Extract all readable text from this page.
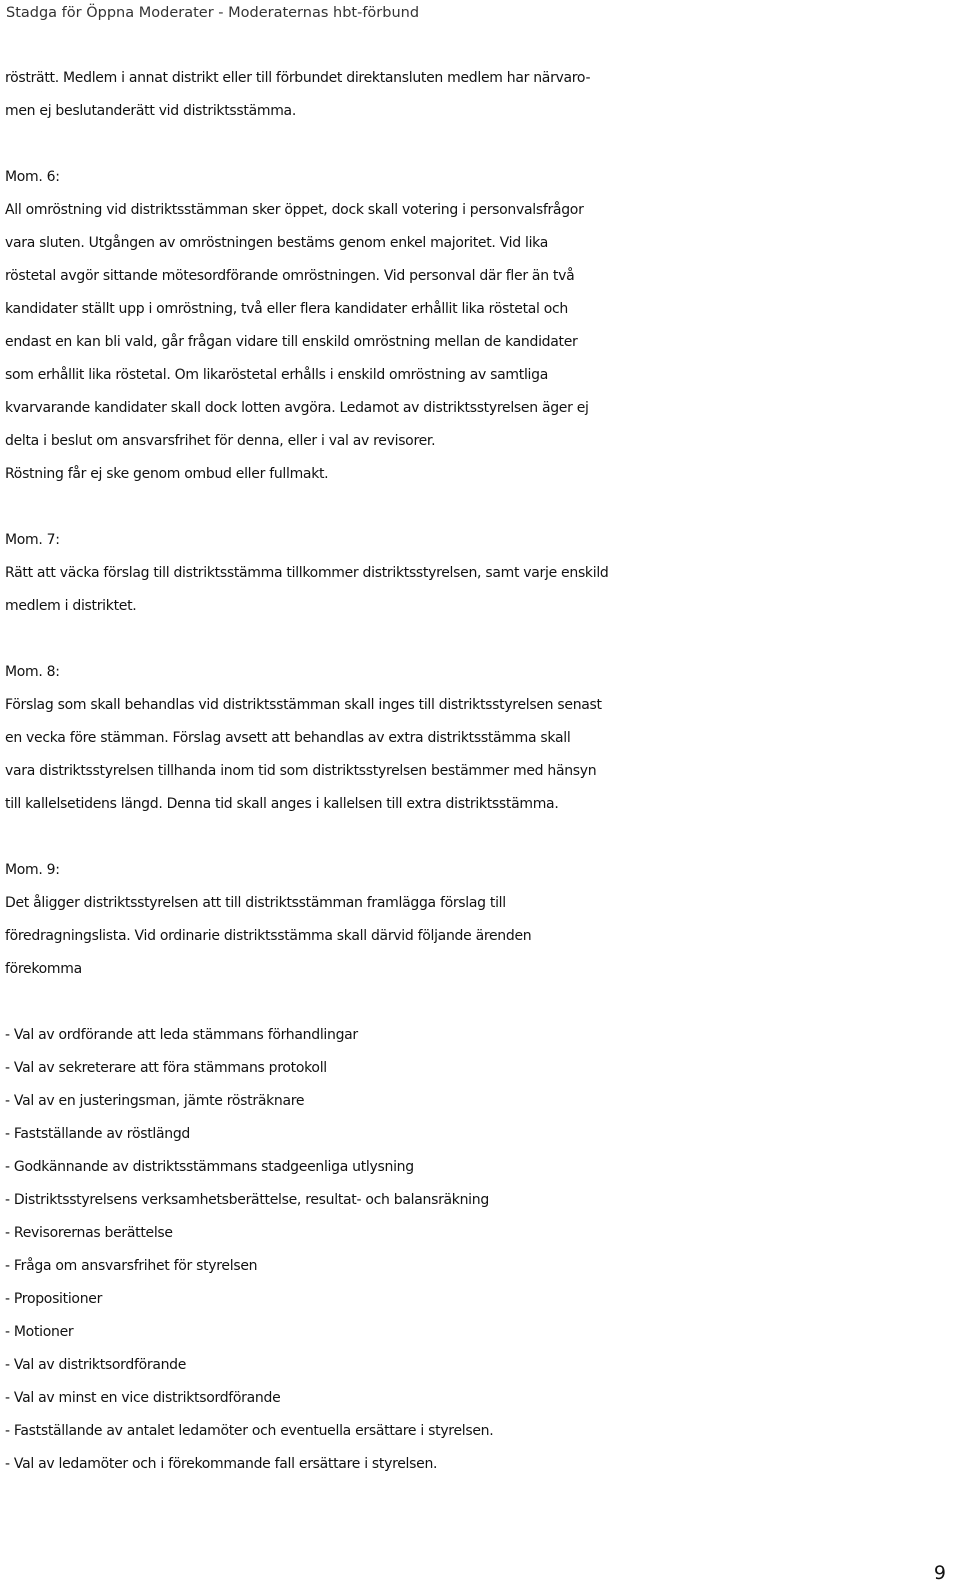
Stadga för Öppna Moderater - Moderaternas hbt-förbund
rösträtt. Medlem i annat distrikt eller till förbundet direktansluten medlem har närvaro-
men ej beslutanderätt vid distriktsstämma.
Mom. 6:
All omröstning vid distriktsstämman sker öppet, dock skall votering i personvalsfrågor
vara sluten. Utgången av omröstningen bestäms genom enkel majoritet. Vid lika
röstetal avgör sittande mötesordförande omröstningen. Vid personval där fler än två
kandidater ställt upp i omröstning, två eller flera kandidater erhållit lika röstetal och
endast en kan bli vald, går frågan vidare till enskild omröstning mellan de kandidater
som erhållit lika röstetal. Om likaröstetal erhålls i enskild omröstning av samtliga
kvarvarande kandidater skall dock lotten avgöra. Ledamot av distriktsstyrelsen äger ej
delta i beslut om ansvarsfrihet för denna, eller i val av revisorer.
Röstning får ej ske genom ombud eller fullmakt.
Mom. 7:
Rätt att väcka förslag till distriktsstämma tillkommer distriktsstyrelsen, samt varje enskild
medlem i distriktet.
Mom. 8:
Förslag som skall behandlas vid distriktsstämman skall inges till distriktsstyrelsen senast
en vecka före stämman. Förslag avsett att behandlas av extra distriktsstämma skall
vara distriktsstyrelsen tillhanda inom tid som distriktsstyrelsen bestämmer med hänsyn
till kallelsetidens längd. Denna tid skall anges i kallelsen till extra distriktsstämma.
Mom. 9:
Det åligger distriktsstyrelsen att till distriktsstämman framlägga förslag till
föredragningslista. Vid ordinarie distriktsstämma skall därvid följande ärenden
förekomma
- Val av ordförande att leda stämmans förhandlingar
- Val av sekreterare att föra stämmans protokoll
- Val av en justeringsman, jämte rösträknare
- Fastställande av röstlängd
- Godkännande av distriktsstämmans stadgeenliga utlysning
- Distriktsstyrelsens verksamhetsberättelse, resultat- och balansräkning
- Revisorernas berättelse
- Fråga om ansvarsfrihet för styrelsen
- Propositioner
- Motioner
- Val av distriktsordförande
- Val av minst en vice distriktsordförande
- Fastställande av antalet ledamöter och eventuella ersättare i styrelsen.
- Val av ledamöter och i förekommande fall ersättare i styrelsen.
9
